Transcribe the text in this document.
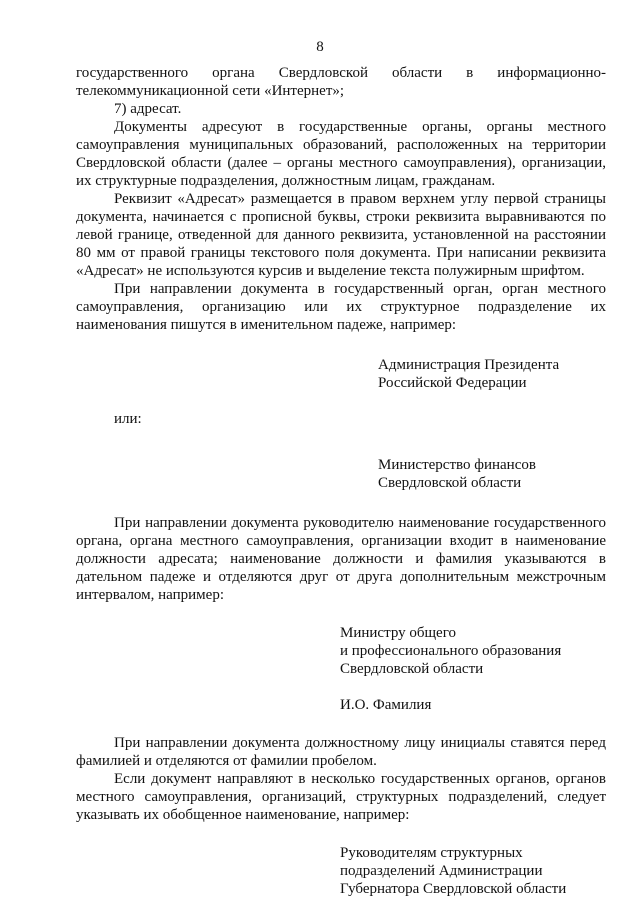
8

государственного органа Свердловской области в информационно-

телекоммуникационной сети «Интернет»;

7) адресат.

Документы адресуют в государственные органы, органы местного самоуправления муниципальных образований, расположенных на территории Свердловской области (далее – органы местного самоуправления), организации, их структурные подразделения, должностным лицам, гражданам.

Реквизит «Адресат» размещается в правом верхнем углу первой страницы документа, начинается с прописной буквы, строки реквизита выравниваются по левой границе, отведенной для данного реквизита, установленной на расстоянии 80 мм от правой границы текстового поля документа. При написании реквизита «Адресат» не используются курсив и выделение текста полужирным шрифтом.

При направлении документа в государственный орган, орган местного самоуправления, организацию или их структурное подразделение их наименования пишутся в именительном падеже, например:

Администрация Президента
Российской Федерации

или:

Министерство финансов
Свердловской области

При направлении документа руководителю наименование государственного органа, органа местного самоуправления, организации входит в наименование должности адресата; наименование должности и фамилия указываются в дательном падеже и отделяются друг от друга дополнительным межстрочным интервалом, например:

Министру общего
и профессионального образования
Свердловской области
И.О. Фамилия

При направлении документа должностному лицу инициалы ставятся перед фамилией и отделяются от фамилии пробелом.

Если документ направляют в несколько государственных органов, органов местного самоуправления, организаций, структурных подразделений, следует указывать их обобщенное наименование, например:

Руководителям структурных
подразделений Администрации
Губернатора Свердловской области
